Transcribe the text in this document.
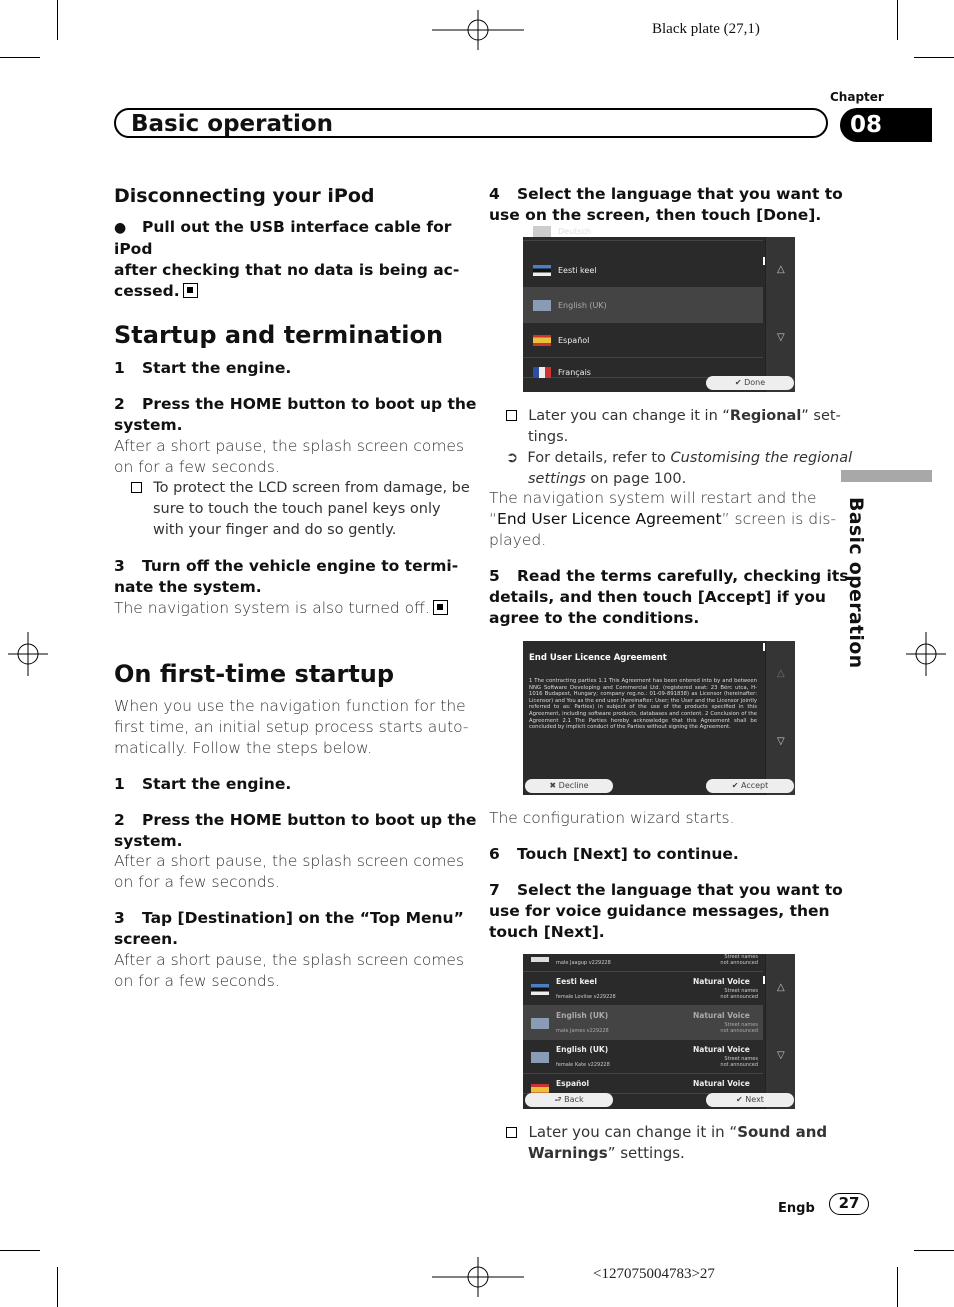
Black plate (27,1)
Basic operation
Chapter
08
Basic operation
Disconnecting your iPod
● Pull out the USB interface cable for iPod
after checking that no data is being ac-
cessed.
Startup and termination
1 Start the engine.
2 Press the HOME button to boot up the
system.
After a short pause, the splash screen comes
on for a few seconds.
To protect the LCD screen from damage, be
sure to touch the touch panel keys only
with your finger and do so gently.
3 Turn off the vehicle engine to termi-
nate the system.
The navigation system is also turned off.
On first-time startup
When you use the navigation function for the
first time, an initial setup process starts auto-
matically. Follow the steps below.
1 Start the engine.
2 Press the HOME button to boot up the
system.
After a short pause, the splash screen comes
on for a few seconds.
3 Tap [Destination] on the “Top Menu”
screen.
After a short pause, the splash screen comes
on for a few seconds.
4 Select the language that you want to
use on the screen, then touch [Done].
Deutsch
Eesti keel
English (UK)
Español
Français
△
▽
✔ Done
Later you can change it in “Regional” set-
tings.
➲ For details, refer to Customising the regional
settings on page 100.
The navigation system will restart and the
“End User Licence Agreement” screen is dis-
played.
5 Read the terms carefully, checking its
details, and then touch [Accept] if you
agree to the conditions.
End User Licence Agreement
1 The contracting parties 1.1 This Agreement has been entered into by and between NNG Software Developing and Commercial Ltd. (registered seat: 23 Bérc utca, H-1016 Budapest, Hungary; company reg.no.: 01-09-891838) as Licensor (hereinafter: Licensor) and You as the end user (hereinafter: User; the User and the Licensor jointly referred to as: Parties) in subject of the use of the products specified in this Agreement, including software products, databases and content. 2 Conclusion of the Agreement 2.1 The Parties hereby acknowledge that this Agreement shall be concluded by implicit conduct of the Parties without signing the Agreement.
△
▽
✖ Decline	✔ Accept
The configuration wizard starts.
6 Touch [Next] to continue.
7 Select the language that you want to
use for voice guidance messages, then
touch [Next].
male Jaagup v229228
Street names not announced
Eesti keel
female Loviise v229228
Natural Voice
Street names not announced
English (UK)
male James v229228
Natural Voice
Street names not announced
English (UK)
female Kate v229228
Natural Voice
Street names not announced
Español	Natural Voice
△
▽
⮐ Back	✔ Next
Later you can change it in “Sound and
Warnings” settings.
Engb	27
<127075004783>27
